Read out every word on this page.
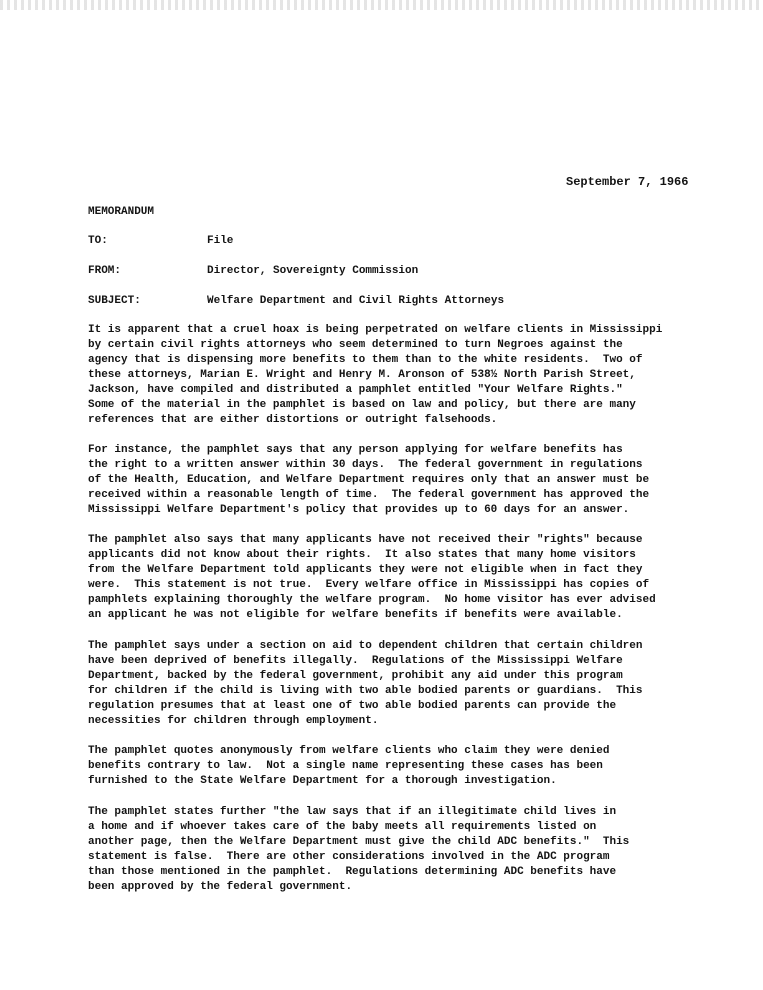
September 7, 1966
MEMORANDUM
TO:	File
FROM:	Director, Sovereignty Commission
SUBJECT:	Welfare Department and Civil Rights Attorneys
It is apparent that a cruel hoax is being perpetrated on welfare clients in Mississippi
by certain civil rights attorneys who seem determined to turn Negroes against the
agency that is dispensing more benefits to them than to the white residents.  Two of
these attorneys, Marian E. Wright and Henry M. Aronson of 538½ North Parish Street,
Jackson, have compiled and distributed a pamphlet entitled "Your Welfare Rights."
Some of the material in the pamphlet is based on law and policy, but there are many
references that are either distortions or outright falsehoods.
For instance, the pamphlet says that any person applying for welfare benefits has
the right to a written answer within 30 days.  The federal government in regulations
of the Health, Education, and Welfare Department requires only that an answer must be
received within a reasonable length of time.  The federal government has approved the
Mississippi Welfare Department's policy that provides up to 60 days for an answer.
The pamphlet also says that many applicants have not received their "rights" because
applicants did not know about their rights.  It also states that many home visitors
from the Welfare Department told applicants they were not eligible when in fact they
were.  This statement is not true.  Every welfare office in Mississippi has copies of
pamphlets explaining thoroughly the welfare program.  No home visitor has ever advised
an applicant he was not eligible for welfare benefits if benefits were available.
The pamphlet says under a section on aid to dependent children that certain children
have been deprived of benefits illegally.  Regulations of the Mississippi Welfare
Department, backed by the federal government, prohibit any aid under this program
for children if the child is living with two able bodied parents or guardians.  This
regulation presumes that at least one of two able bodied parents can provide the
necessities for children through employment.
The pamphlet quotes anonymously from welfare clients who claim they were denied
benefits contrary to law.  Not a single name representing these cases has been
furnished to the State Welfare Department for a thorough investigation.
The pamphlet states further "the law says that if an illegitimate child lives in
a home and if whoever takes care of the baby meets all requirements listed on
another page, then the Welfare Department must give the child ADC benefits."  This
statement is false.  There are other considerations involved in the ADC program
than those mentioned in the pamphlet.  Regulations determining ADC benefits have
been approved by the federal government.
